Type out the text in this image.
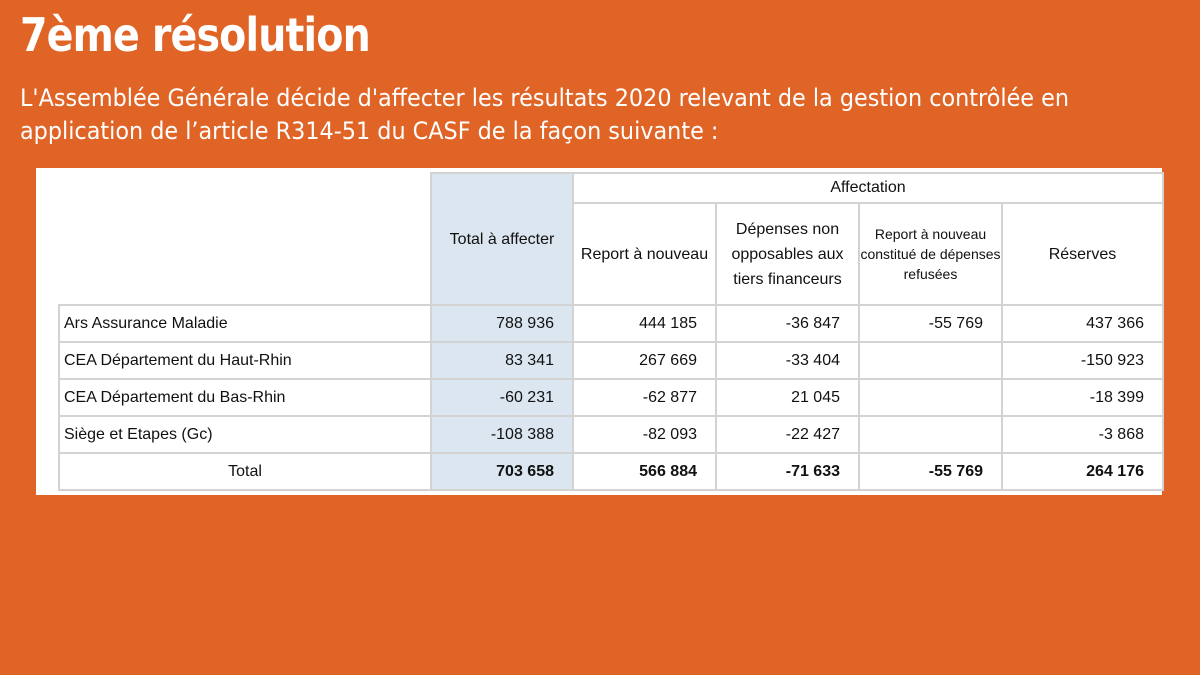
7ème résolution
L'Assemblée Générale décide d'affecter les résultats 2020 relevant de la gestion contrôlée en
application de l’article R314-51 du CASF de la façon suivante :
	Total à affecter	Affectation			
		Report à nouveau	Dépenses non opposables aux tiers financeurs	Report à nouveau constitué de dépenses refusées	Réserves
Ars Assurance Maladie	788 936	444 185	-36 847	-55 769	437 366
CEA Département du Haut-Rhin	83 341	267 669	-33 404		-150 923
CEA Département du Bas-Rhin	-60 231	-62 877	21 045		-18 399
Siège et Etapes (Gc)	-108 388	-82 093	-22 427		-3 868
Total	703 658	566 884	-71 633	-55 769	264 176
